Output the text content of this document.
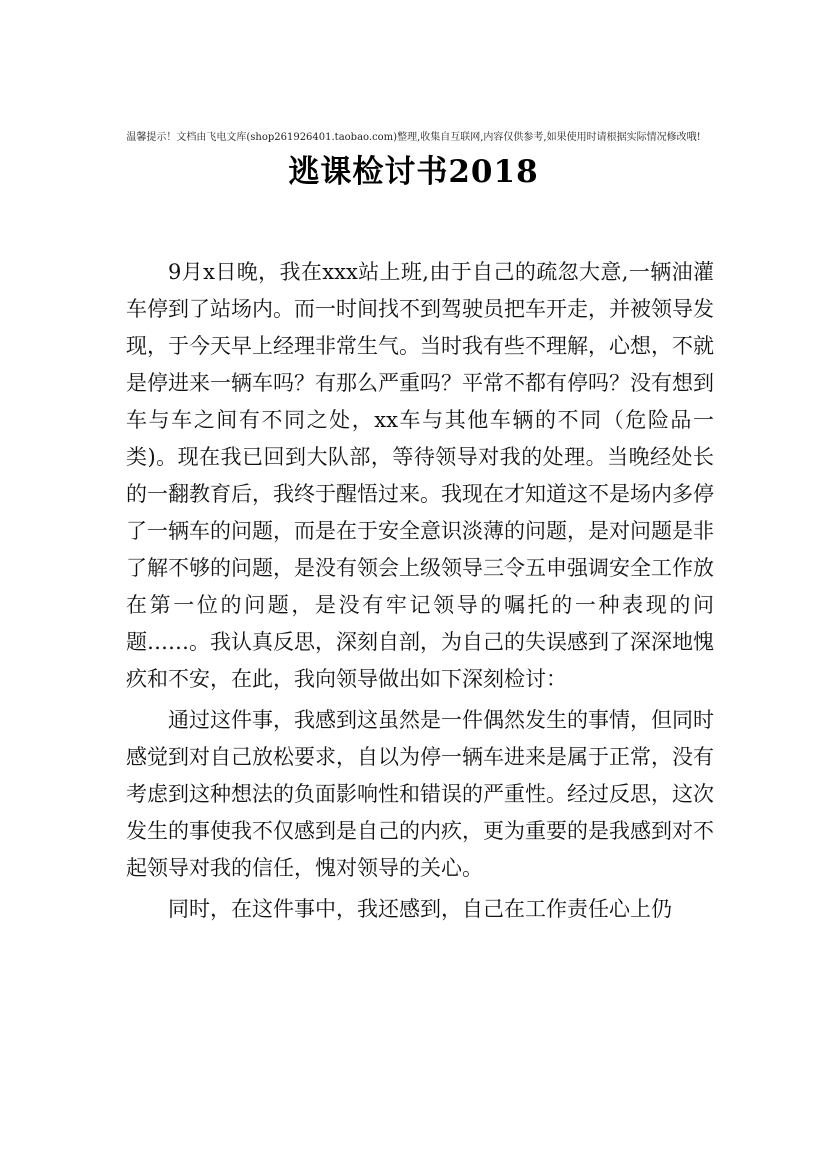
温馨提示！文档由飞电文库(shop261926401.taobao.com)整理,收集自互联网,内容仅供参考,如果使用时请根据实际情况修改哦!
逃课检讨书2018

9月x日晚，我在xxx站上班,由于自己的疏忽大意,一辆油灌车停到了站场内。而一时间找不到驾驶员把车开走，并被领导发现，于今天早上经理非常生气。当时我有些不理解，心想，不就是停进来一辆车吗？有那么严重吗？平常不都有停吗？没有想到车与车之间有不同之处，xx车与其他车辆的不同（危险品一类)。现在我已回到大队部，等待领导对我的处理。当晚经处长的一翻教育后，我终于醒悟过来。我现在才知道这不是场内多停了一辆车的问题，而是在于安全意识淡薄的问题，是对问题是非了解不够的问题，是没有领会上级领导三令五申强调安全工作放在第一位的问题，是没有牢记领导的嘱托的一种表现的问题……。我认真反思，深刻自剖，为自己的失误感到了深深地愧疚和不安，在此，我向领导做出如下深刻检讨：

通过这件事，我感到这虽然是一件偶然发生的事情，但同时感觉到对自己放松要求，自以为停一辆车进来是属于正常，没有考虑到这种想法的负面影响性和错误的严重性。经过反思，这次发生的事使我不仅感到是自己的内疚，更为重要的是我感到对不起领导对我的信任，愧对领导的关心。

同时，在这件事中，我还感到，自己在工作责任心上仍
